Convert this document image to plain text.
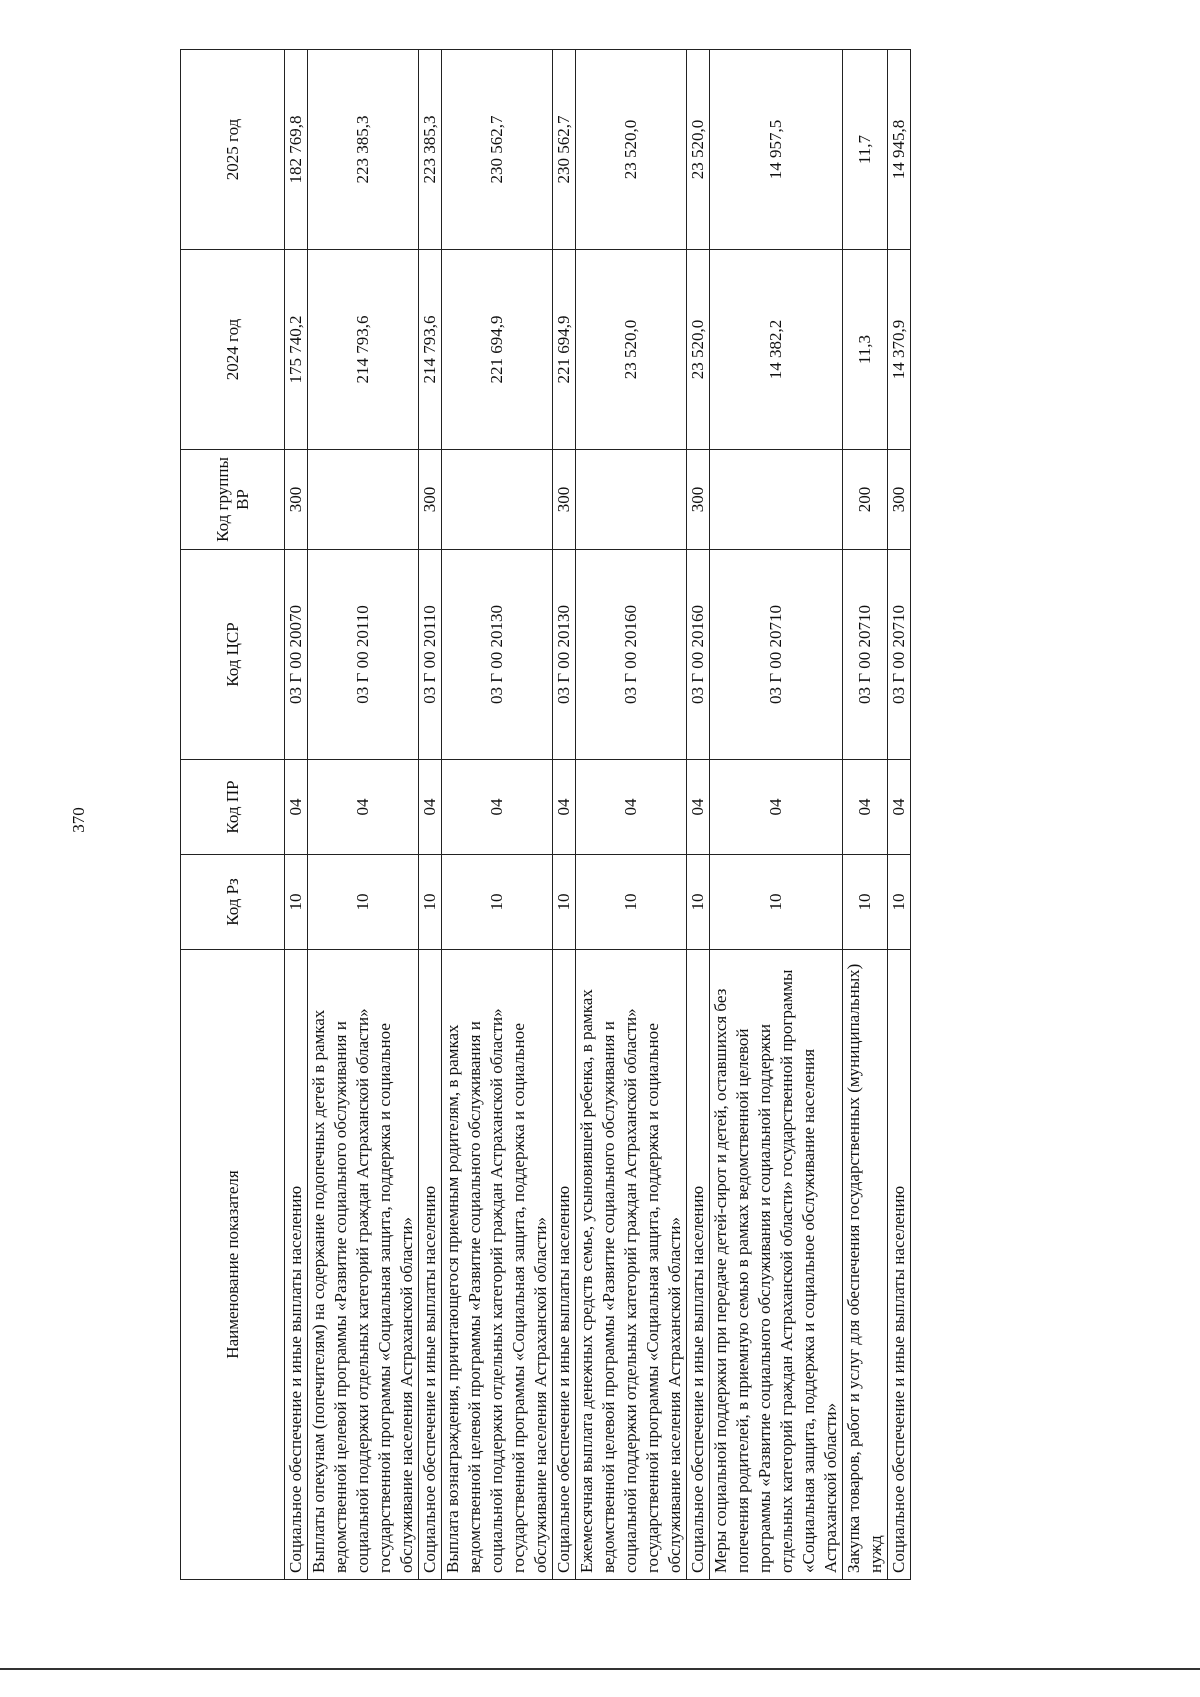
370
Наименование показателя	Код Рз	Код ПР	Код ЦСР	Код группы ВР	2024 год	2025 год
Социальное обеспечение и иные выплаты населению	10	04	03 Г 00 20070	300	175 740,2	182 769,8
Выплаты опекунам (попечителям) на содержание подопечных детей в рамках ведомственной целевой программы «Развитие социального обслуживания и социальной поддержки отдельных категорий граждан Астраханской области» государственной программы «Социальная защита, поддержка и социальное обслуживание населения Астраханской области»	10	04	03 Г 00 20110		214 793,6	223 385,3
Социальное обеспечение и иные выплаты населению	10	04	03 Г 00 20110	300	214 793,6	223 385,3
Выплата вознаграждения, причитающегося приемным родителям, в рамках ведомственной целевой программы «Развитие социального обслуживания и социальной поддержки отдельных категорий граждан Астраханской области» государственной программы «Социальная защита, поддержка и социальное обслуживание населения Астраханской области»	10	04	03 Г 00 20130		221 694,9	230 562,7
Социальное обеспечение и иные выплаты населению	10	04	03 Г 00 20130	300	221 694,9	230 562,7
Ежемесячная выплата денежных средств семье, усыновившей ребенка, в рамках ведомственной целевой программы «Развитие социального обслуживания и социальной поддержки отдельных категорий граждан Астраханской области» государственной программы «Социальная защита, поддержка и социальное обслуживание населения Астраханской области»	10	04	03 Г 00 20160		23 520,0	23 520,0
Социальное обеспечение и иные выплаты населению	10	04	03 Г 00 20160	300	23 520,0	23 520,0
Меры социальной поддержки при передаче детей-сирот и детей, оставшихся без попечения родителей, в приемную семью в рамках ведомственной целевой программы «Развитие социального обслуживания и социальной поддержки отдельных категорий граждан Астраханской области» государственной программы «Социальная защита, поддержка и социальное обслуживание населения Астраханской области»	10	04	03 Г 00 20710		14 382,2	14 957,5
Закупка товаров, работ и услуг для обеспечения государственных (муниципальных) нужд	10	04	03 Г 00 20710	200	11,3	11,7
Социальное обеспечение и иные выплаты населению	10	04	03 Г 00 20710	300	14 370,9	14 945,8
